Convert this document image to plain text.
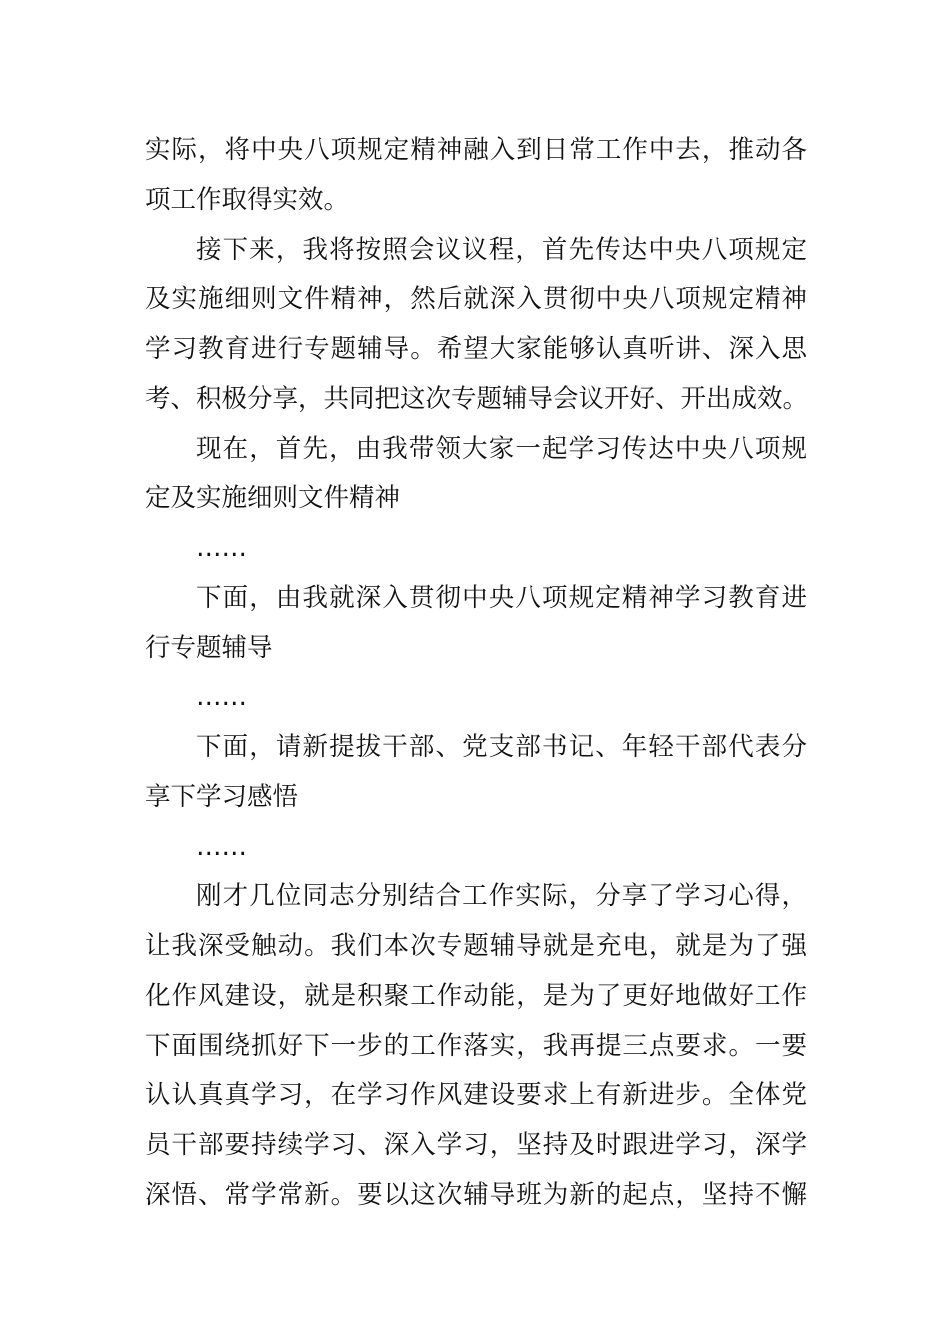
实际，将中央八项规定精神融入到日常工作中去，推动各
项工作取得实效。
接下来，我将按照会议议程，首先传达中央八项规定
及实施细则文件精神，然后就深入贯彻中央八项规定精神
学习教育进行专题辅导。希望大家能够认真听讲、深入思
考、积极分享，共同把这次专题辅导会议开好、开出成效。
现在，首先，由我带领大家一起学习传达中央八项规
定及实施细则文件精神
……
下面，由我就深入贯彻中央八项规定精神学习教育进
行专题辅导
……
下面，请新提拔干部、党支部书记、年轻干部代表分
享下学习感悟
……
刚才几位同志分别结合工作实际，分享了学习心得，
让我深受触动。我们本次专题辅导就是充电，就是为了强
化作风建设，就是积聚工作动能，是为了更好地做好工作
下面围绕抓好下一步的工作落实，我再提三点要求。一要
认认真真学习，在学习作风建设要求上有新进步。全体党
员干部要持续学习、深入学习，坚持及时跟进学习，深学
深悟、常学常新。要以这次辅导班为新的起点，坚持不懈
